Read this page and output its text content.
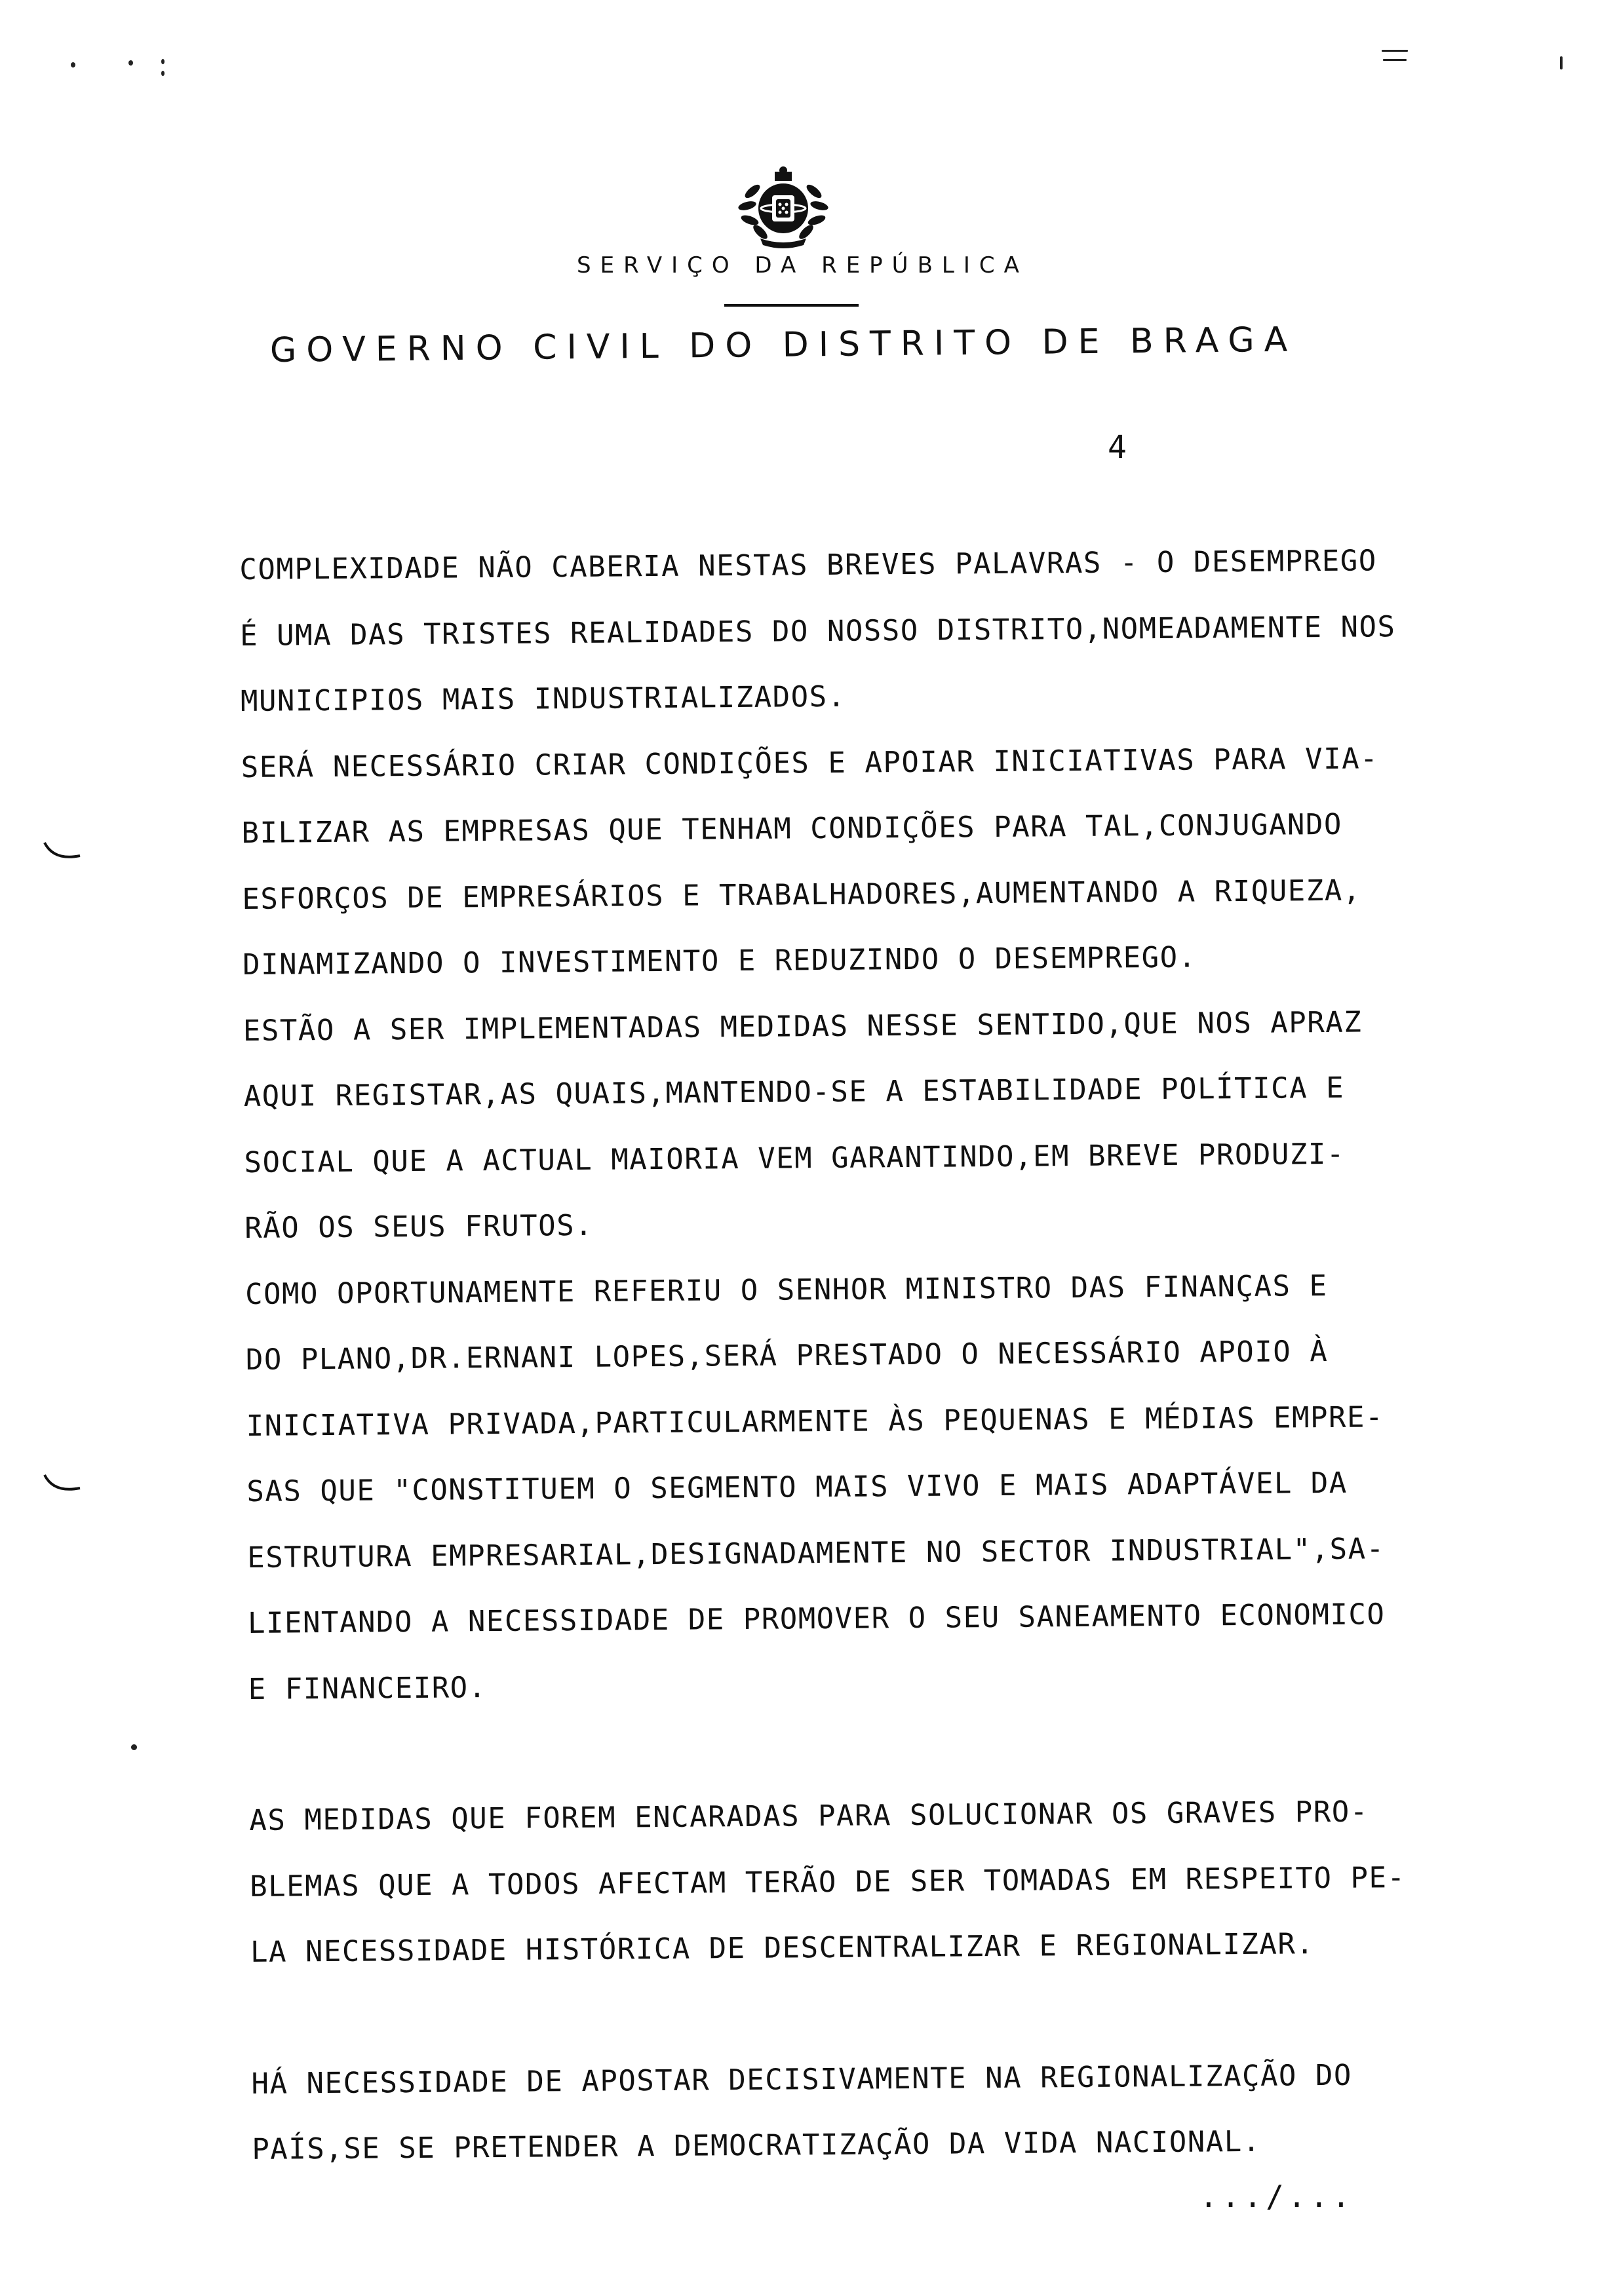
SERVIÇO DA REPÚBLICA
GOVERNO CIVIL DO DISTRITO DE BRAGA
4
COMPLEXIDADE NÃO CABERIA NESTAS BREVES PALAVRAS - O DESEMPREGO
É UMA DAS TRISTES REALIDADES DO NOSSO DISTRITO,NOMEADAMENTE NOS
MUNICIPIOS MAIS INDUSTRIALIZADOS.
SERÁ NECESSÁRIO CRIAR CONDIÇÕES E APOIAR INICIATIVAS PARA VIA-
BILIZAR AS EMPRESAS QUE TENHAM CONDIÇÕES PARA TAL,CONJUGANDO
ESFORÇOS DE EMPRESÁRIOS E TRABALHADORES,AUMENTANDO A RIQUEZA,
DINAMIZANDO O INVESTIMENTO E REDUZINDO O DESEMPREGO.
ESTÃO A SER IMPLEMENTADAS MEDIDAS NESSE SENTIDO,QUE NOS APRAZ
AQUI REGISTAR,AS QUAIS,MANTENDO-SE A ESTABILIDADE POLÍTICA E
SOCIAL QUE A ACTUAL MAIORIA VEM GARANTINDO,EM BREVE PRODUZI-
RÃO OS SEUS FRUTOS.
COMO OPORTUNAMENTE REFERIU O SENHOR MINISTRO DAS FINANÇAS E
DO PLANO,DR.ERNANI LOPES,SERÁ PRESTADO O NECESSÁRIO APOIO À
INICIATIVA PRIVADA,PARTICULARMENTE ÀS PEQUENAS E MÉDIAS EMPRE-
SAS QUE "CONSTITUEM O SEGMENTO MAIS VIVO E MAIS ADAPTÁVEL DA
ESTRUTURA EMPRESARIAL,DESIGNADAMENTE NO SECTOR INDUSTRIAL",SA-
LIENTANDO A NECESSIDADE DE PROMOVER O SEU SANEAMENTO ECONOMICO
E FINANCEIRO.
AS MEDIDAS QUE FOREM ENCARADAS PARA SOLUCIONAR OS GRAVES PRO-
BLEMAS QUE A TODOS AFECTAM TERÃO DE SER TOMADAS EM RESPEITO PE-
LA NECESSIDADE HISTÓRICA DE DESCENTRALIZAR E REGIONALIZAR.
HÁ NECESSIDADE DE APOSTAR DECISIVAMENTE NA REGIONALIZAÇÃO DO
PAÍS,SE SE PRETENDER A DEMOCRATIZAÇÃO DA VIDA NACIONAL.
.../...
